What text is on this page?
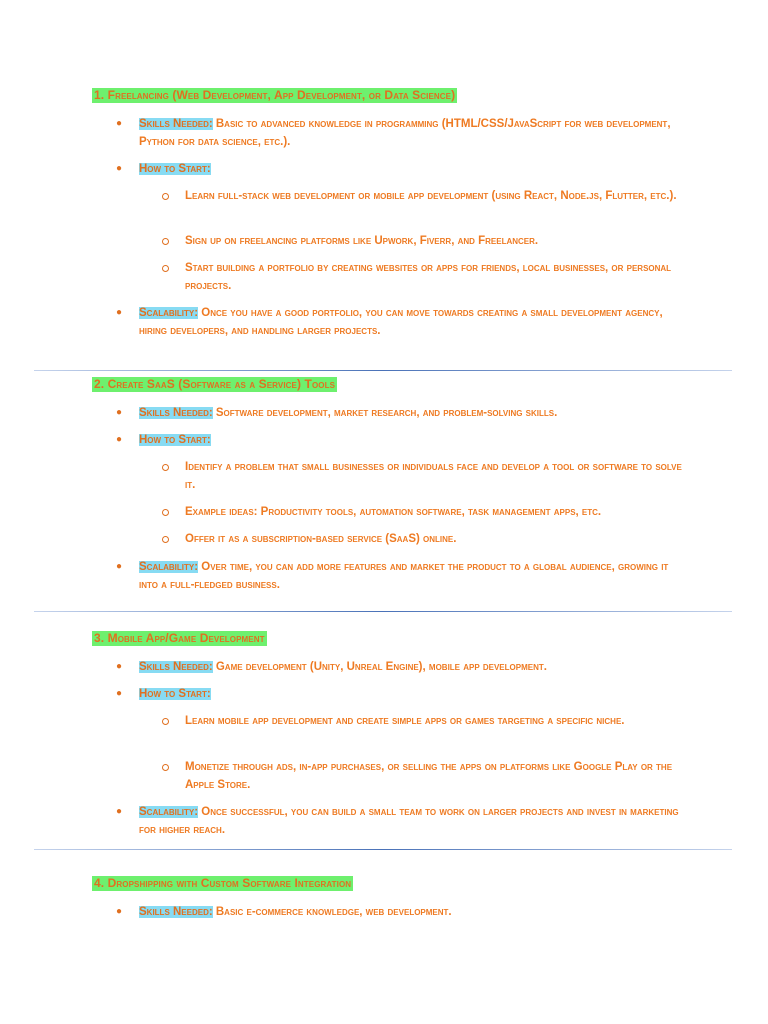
1. Freelancing (Web Development, App Development, or Data Science)
● Skills Needed: Basic to advanced knowledge in programming (HTML/CSS/JavaScript for web development, Python for data science, etc.).
● How to Start:
Learn full-stack web development or mobile app development (using React, Node.js, Flutter, etc.).
Sign up on freelancing platforms like Upwork, Fiverr, and Freelancer.
Start building a portfolio by creating websites or apps for friends, local businesses, or personal projects.
● Scalability: Once you have a good portfolio, you can move towards creating a small development agency, hiring developers, and handling larger projects.
2. Create SaaS (Software as a Service) Tools
● Skills Needed: Software development, market research, and problem-solving skills.
● How to Start:
Identify a problem that small businesses or individuals face and develop a tool or software to solve it.
Example ideas: Productivity tools, automation software, task management apps, etc.
Offer it as a subscription-based service (SaaS) online.
● Scalability: Over time, you can add more features and market the product to a global audience, growing it into a full-fledged business.
3. Mobile App/Game Development
● Skills Needed: Game development (Unity, Unreal Engine), mobile app development.
● How to Start:
Learn mobile app development and create simple apps or games targeting a specific niche.
Monetize through ads, in-app purchases, or selling the apps on platforms like Google Play or the Apple Store.
● Scalability: Once successful, you can build a small team to work on larger projects and invest in marketing for higher reach.
4. Dropshipping with Custom Software Integration
● Skills Needed: Basic e-commerce knowledge, web development.
